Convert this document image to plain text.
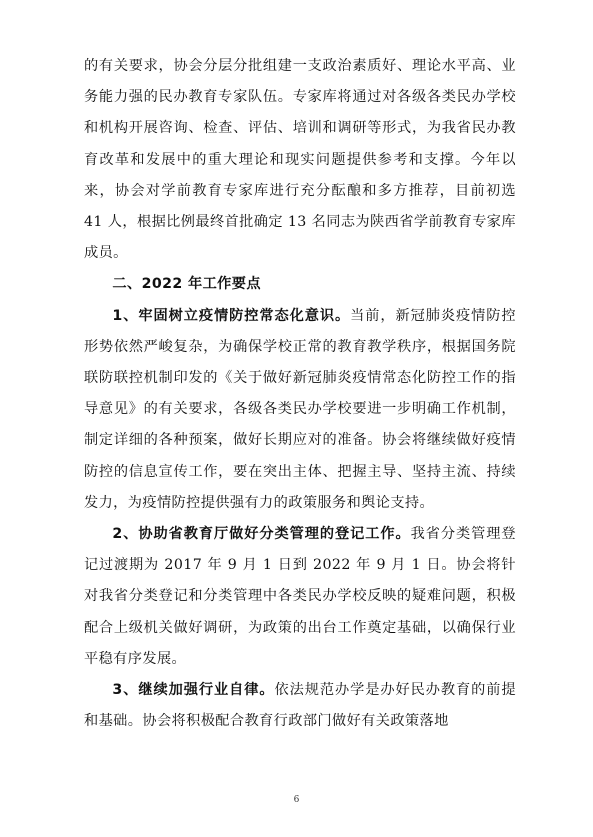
的有关要求，协会分层分批组建一支政治素质好、理论水平高、业务能力强的民办教育专家队伍。专家库将通过对各级各类民办学校和机构开展咨询、检查、评估、培训和调研等形式，为我省民办教育改革和发展中的重大理论和现实问题提供参考和支撑。今年以来，协会对学前教育专家库进行充分酝酿和多方推荐，目前初选 41 人，根据比例最终首批确定 13 名同志为陕西省学前教育专家库成员。

二、2022 年工作要点

1、牢固树立疫情防控常态化意识。当前，新冠肺炎疫情防控形势依然严峻复杂，为确保学校正常的教育教学秩序，根据国务院联防联控机制印发的《关于做好新冠肺炎疫情常态化防控工作的指导意见》的有关要求，各级各类民办学校要进一步明确工作机制，制定详细的各种预案，做好长期应对的准备。协会将继续做好疫情防控的信息宣传工作，要在突出主体、把握主导、坚持主流、持续发力，为疫情防控提供强有力的政策服务和舆论支持。

2、协助省教育厅做好分类管理的登记工作。我省分类管理登记过渡期为 2017 年 9 月 1 日到 2022 年 9 月 1 日。协会将针对我省分类登记和分类管理中各类民办学校反映的疑难问题，积极配合上级机关做好调研，为政策的出台工作奠定基础，以确保行业平稳有序发展。

3、继续加强行业自律。依法规范办学是办好民办教育的前提和基础。协会将积极配合教育行政部门做好有关政策落地

6
